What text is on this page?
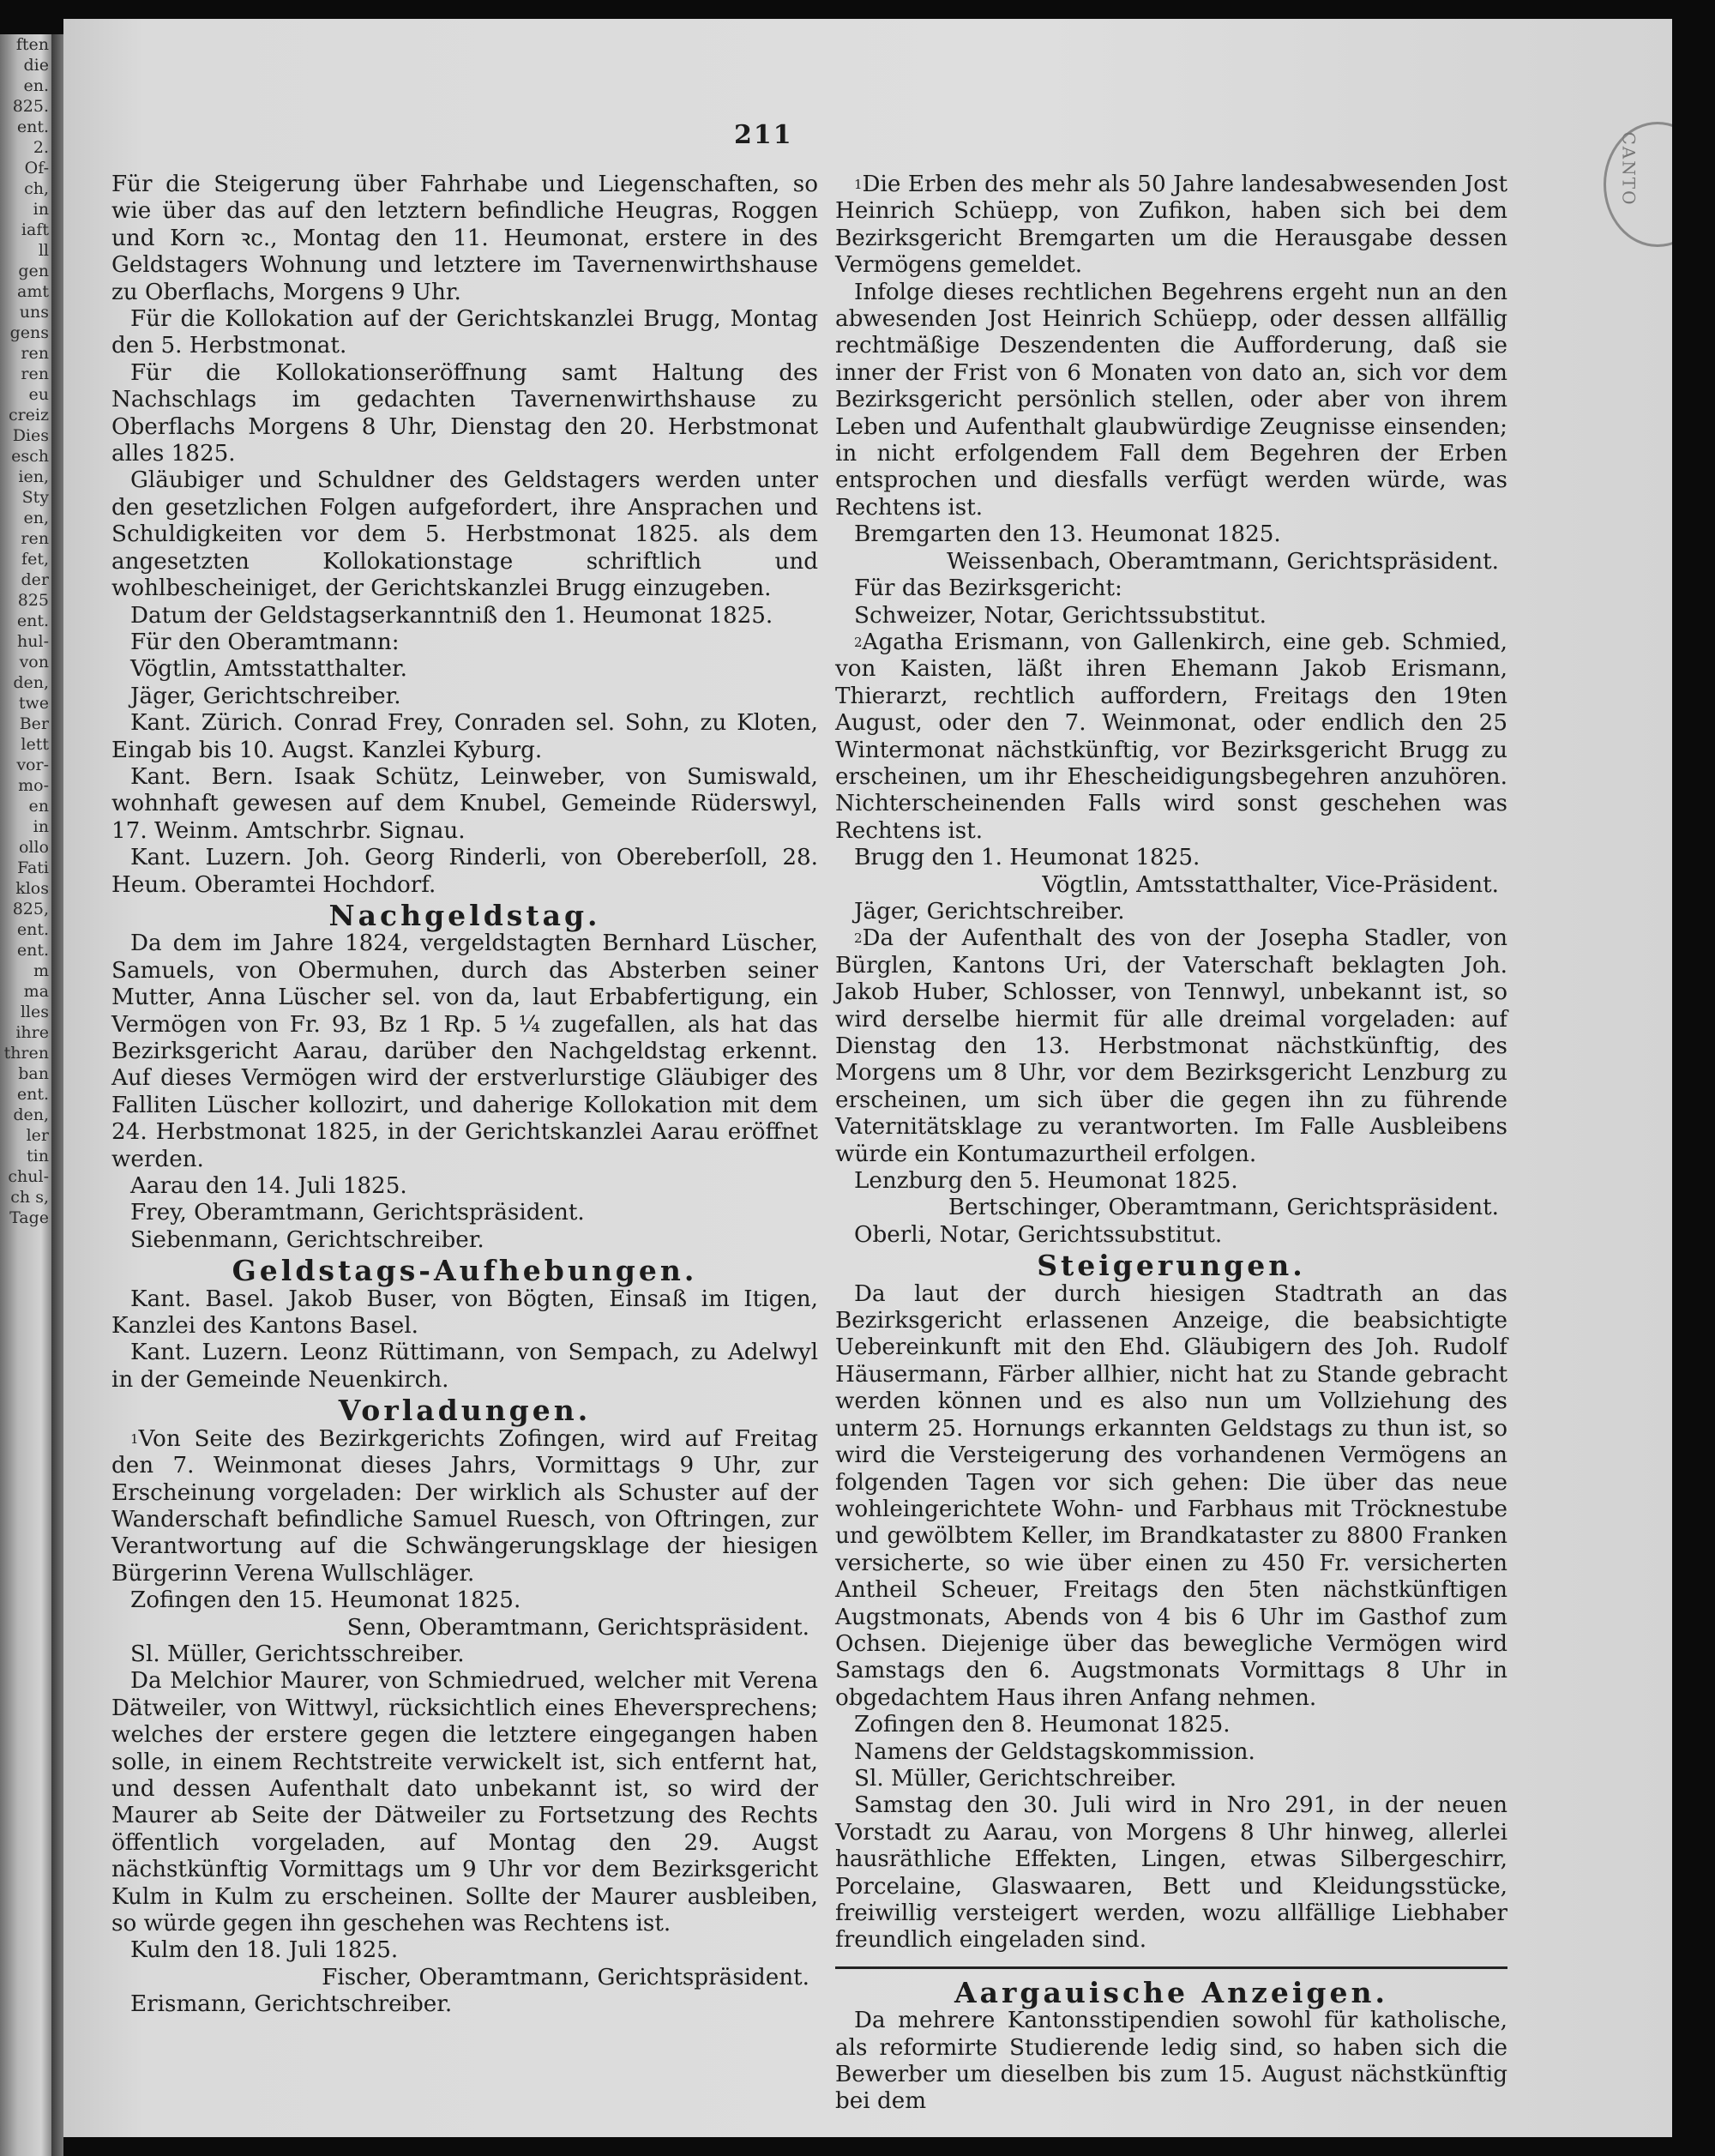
ften
die
en.
825.
ent.
2.
Of-
ch,
in
iaft
ll
gen
amt
uns
gens
ren
ren
eu
creiz
Dies
esch
ien,
Sty
en,
ren
fet,
der
825
ent.
hul-
von
den,
twe
Ber
lett
vor-
mo-
en
in
ollo
Fati
klos
825,
ent.
ent.
m
ma
lles
ihre
thren
ban
ent.
den,
ler
tin
chul-
ch s,
Tage
CANTO
211

Für die Steigerung über Fahrhabe und Liegenschaften, so wie über das auf den letztern befindliche Heugras, Roggen und Korn ꝛc., Montag den 11. Heumonat, erstere in des Geldstagers Wohnung und letztere im Tavernenwirthshause zu Oberflachs, Morgens 9 Uhr.

Für die Kollokation auf der Gerichtskanzlei Brugg, Montag den 5. Herbstmonat.

Für die Kollokationseröffnung samt Haltung des Nachschlags im gedachten Tavernenwirthshause zu Oberflachs Morgens 8 Uhr, Dienstag den 20. Herbstmonat alles 1825.

Gläubiger und Schuldner des Geldstagers werden unter den gesetzlichen Folgen aufgefordert, ihre Ansprachen und Schuldigkeiten vor dem 5. Herbstmonat 1825. als dem angesetzten Kollokationstage schriftlich und wohlbescheiniget, der Gerichtskanzlei Brugg einzugeben.

Datum der Geldstagserkanntniß den 1. Heumonat 1825.

Für den Oberamtmann:

Vögtlin, Amtsstatthalter.

Jäger, Gerichtschreiber.

Kant. Zürich. Conrad Frey, Conraden sel. Sohn, zu Kloten, Eingab bis 10. Augst. Kanzlei Kyburg.

Kant. Bern. Isaak Schütz, Leinweber, von Sumiswald, wohnhaft gewesen auf dem Knubel, Gemeinde Rüderswyl, 17. Weinm. Amtschrbr. Signau.

Kant. Luzern. Joh. Georg Rinderli, von Obereberſoll, 28. Heum. Oberamtei Hochdorf.

Nachgeldstag.

Da dem im Jahre 1824, vergeldstagten Bernhard Lüscher, Samuels, von Obermuhen, durch das Absterben seiner Mutter, Anna Lüscher sel. von da, laut Erbabfertigung, ein Vermögen von Fr. 93, Bz 1 Rp. 5 ¼ zugefallen, als hat das Bezirksgericht Aarau, darüber den Nachgeldstag erkennt. Auf dieses Vermögen wird der erstverlurstige Gläubiger des Falliten Lüscher kollozirt, und daherige Kollokation mit dem 24. Herbstmonat 1825, in der Gerichtskanzlei Aarau eröffnet werden.

Aarau den 14. Juli 1825.

Frey, Oberamtmann, Gerichtspräsident.

Siebenmann, Gerichtschreiber.

Geldstags-Aufhebungen.

Kant. Basel. Jakob Buser, von Bögten, Einsaß im Itigen, Kanzlei des Kantons Basel.

Kant. Luzern. Leonz Rüttimann, von Sempach, zu Adelwyl in der Gemeinde Neuenkirch.

Vorladungen.

$^1$Von Seite des Bezirkgerichts Zofingen, wird auf Freitag den 7. Weinmonat dieses Jahrs, Vormittags 9 Uhr, zur Erscheinung vorgeladen: Der wirklich als Schuster auf der Wanderschaft befindliche Samuel Ruesch, von Oftringen, zur Verantwortung auf die Schwängerungsklage der hiesigen Bürgerinn Verena Wullschläger.

Zofingen den 15. Heumonat 1825.

Senn, Oberamtmann, Gerichtspräsident.

Sl. Müller, Gerichtsschreiber.

Da Melchior Maurer, von Schmiedrued, welcher mit Verena Dätweiler, von Wittwyl, rücksichtlich eines Eheversprechens; welches der erstere gegen die letztere eingegangen haben solle, in einem Rechtstreite verwickelt ist, sich entfernt hat, und dessen Aufenthalt dato unbekannt ist, so wird der Maurer ab Seite der Dätweiler zu Fortsetzung des Rechts öffentlich vorgeladen, auf Montag den 29. Augst nächstkünftig Vormittags um 9 Uhr vor dem Bezirksgericht Kulm in Kulm zu erscheinen. Sollte der Maurer ausbleiben, so würde gegen ihn geschehen was Rechtens ist.

Kulm den 18. Juli 1825.

Fischer, Oberamtmann, Gerichtspräsident.

Erismann, Gerichtschreiber.

$^1$Die Erben des mehr als 50 Jahre landesabwesenden Jost Heinrich Schüepp, von Zufikon, haben sich bei dem Bezirksgericht Bremgarten um die Herausgabe dessen Vermögens gemeldet.

Infolge dieses rechtlichen Begehrens ergeht nun an den abwesenden Jost Heinrich Schüepp, oder dessen allfällig rechtmäßige Deszendenten die Aufforderung, daß sie inner der Frist von 6 Monaten von dato an, sich vor dem Bezirksgericht persönlich stellen, oder aber von ihrem Leben und Aufenthalt glaubwürdige Zeugnisse einsenden; in nicht erfolgendem Fall dem Begehren der Erben entsprochen und diesfalls verfügt werden würde, was Rechtens ist.

Bremgarten den 13. Heumonat 1825.

Weissenbach, Oberamtmann, Gerichtspräsident.

Für das Bezirksgericht:

Schweizer, Notar, Gerichtssubstitut.

$^2$Agatha Erismann, von Gallenkirch, eine geb. Schmied, von Kaisten, läßt ihren Ehemann Jakob Erismann, Thierarzt, rechtlich auffordern, Freitags den 19ten August, oder den 7. Weinmonat, oder endlich den 25 Wintermonat nächstkünftig, vor Bezirksgericht Brugg zu erscheinen, um ihr Ehescheidigungsbegehren anzuhören. Nichterscheinenden Falls wird sonst geschehen was Rechtens ist.

Brugg den 1. Heumonat 1825.

Vögtlin, Amtsstatthalter, Vice-Präsident.

Jäger, Gerichtschreiber.

$^2$Da der Aufenthalt des von der Josepha Stadler, von Bürglen, Kantons Uri, der Vaterschaft beklagten Joh. Jakob Huber, Schlosser, von Tennwyl, unbekannt ist, so wird derselbe hiermit für alle dreimal vorgeladen: auf Dienstag den 13. Herbstmonat nächstkünftig, des Morgens um 8 Uhr, vor dem Bezirksgericht Lenzburg zu erscheinen, um sich über die gegen ihn zu führende Vaternitätsklage zu verantworten. Im Falle Ausbleibens würde ein Kontumazurtheil erfolgen.

Lenzburg den 5. Heumonat 1825.

Bertschinger, Oberamtmann, Gerichtspräsident.

Oberli, Notar, Gerichtssubstitut.

Steigerungen.

Da laut der durch hiesigen Stadtrath an das Bezirksgericht erlassenen Anzeige, die beabsichtigte Uebereinkunft mit den Ehd. Gläubigern des Joh. Rudolf Häusermann, Färber allhier, nicht hat zu Stande gebracht werden können und es also nun um Vollziehung des unterm 25. Hornungs erkannten Geldstags zu thun ist, so wird die Versteigerung des vorhandenen Vermögens an folgenden Tagen vor sich gehen: Die über das neue wohleingerichtete Wohn- und Farbhaus mit Tröcknestube und gewölbtem Keller, im Brandkataster zu 8800 Franken versicherte, so wie über einen zu 450 Fr. versicherten Antheil Scheuer, Freitags den 5ten nächstkünftigen Augstmonats, Abends von 4 bis 6 Uhr im Gasthof zum Ochsen. Diejenige über das bewegliche Vermögen wird Samstags den 6. Augstmonats Vormittags 8 Uhr in obgedachtem Haus ihren Anfang nehmen.

Zofingen den 8. Heumonat 1825.

Namens der Geldstagskommission.

Sl. Müller, Gerichtschreiber.

Samstag den 30. Juli wird in Nro 291, in der neuen Vorstadt zu Aarau, von Morgens 8 Uhr hinweg, allerlei hausräthliche Effekten, Lingen, etwas Silbergeschirr, Porcelaine, Glaswaaren, Bett und Kleidungsstücke, freiwillig versteigert werden, wozu allfällige Liebhaber freundlich eingeladen sind.

Aargauische Anzeigen.

Da mehrere Kantonsstipendien sowohl für katholische, als reformirte Studierende ledig sind, so haben sich die Bewerber um dieselben bis zum 15. August nächstkünftig bei dem
